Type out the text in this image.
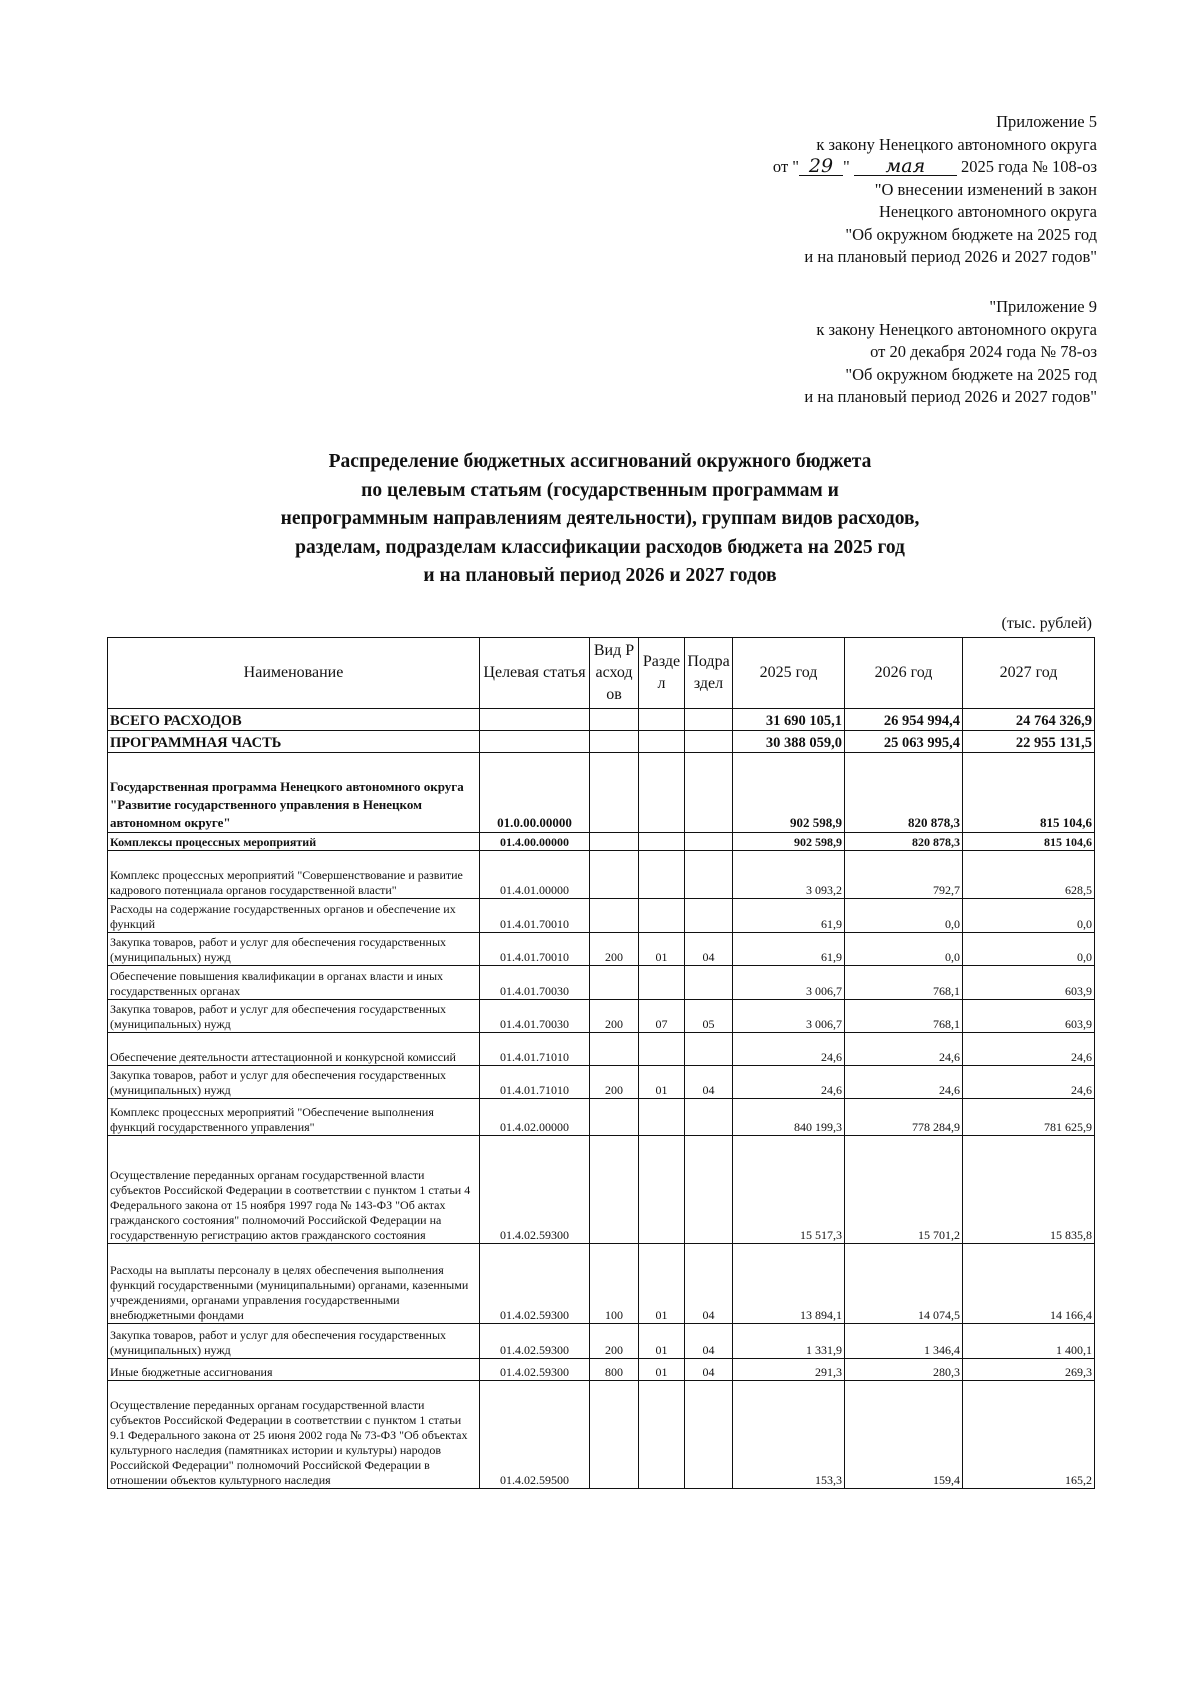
Приложение 5
к закону Ненецкого автономного округа
от " 29 " мая 2025 года № 108-оз
"О внесении изменений в закон
Ненецкого автономного округа
"Об окружном бюджете на 2025 год
и на плановый период 2026 и 2027 годов"
"Приложение 9
к закону Ненецкого автономного округа
от 20 декабря 2024 года № 78-оз
"Об окружном бюджете на 2025 год
и на плановый период 2026 и 2027 годов"
Распределение бюджетных ассигнований окружного бюджета
по целевым статьям (государственным программам и
непрограммным направлениям деятельности), группам видов расходов,
разделам, подразделам классификации расходов бюджета на 2025 год
и на плановый период 2026 и 2027 годов
(тыс. рублей)
Наименование	Целевая статья	Вид Расходов	Раздел	Подраздел	2025 год	2026 год	2027 год
ВСЕГО РАСХОДОВ					31 690 105,1	26 954 994,4	24 764 326,9
ПРОГРАММНАЯ ЧАСТЬ					30 388 059,0	25 063 995,4	22 955 131,5
Государственная программа Ненецкого автономного округа "Развитие государственного управления в Ненецком автономном округе"	01.0.00.00000				902 598,9	820 878,3	815 104,6
Комплексы процессных мероприятий	01.4.00.00000				902 598,9	820 878,3	815 104,6
Комплекс процессных мероприятий "Совершенствование и развитие кадрового потенциала органов государственной власти"	01.4.01.00000				3 093,2	792,7	628,5
Расходы на содержание государственных органов и обеспечение их функций	01.4.01.70010				61,9	0,0	0,0
Закупка товаров, работ и услуг для обеспечения государственных (муниципальных) нужд	01.4.01.70010	200	01	04	61,9	0,0	0,0
Обеспечение повышения квалификации в органах власти и иных государственных органах	01.4.01.70030				3 006,7	768,1	603,9
Закупка товаров, работ и услуг для обеспечения государственных (муниципальных) нужд	01.4.01.70030	200	07	05	3 006,7	768,1	603,9
Обеспечение деятельности аттестационной и конкурсной комиссий	01.4.01.71010				24,6	24,6	24,6
Закупка товаров, работ и услуг для обеспечения государственных (муниципальных) нужд	01.4.01.71010	200	01	04	24,6	24,6	24,6
Комплекс процессных мероприятий "Обеспечение выполнения функций государственного управления"	01.4.02.00000				840 199,3	778 284,9	781 625,9
Осуществление переданных органам государственной власти субъектов Российской Федерации в соответствии с пунктом 1 статьи 4 Федерального закона от 15 ноября 1997 года № 143-ФЗ "Об актах гражданского состояния" полномочий Российской Федерации на государственную регистрацию актов гражданского состояния	01.4.02.59300				15 517,3	15 701,2	15 835,8
Расходы на выплаты персоналу в целях обеспечения выполнения функций государственными (муниципальными) органами, казенными учреждениями, органами управления государственными внебюджетными фондами	01.4.02.59300	100	01	04	13 894,1	14 074,5	14 166,4
Закупка товаров, работ и услуг для обеспечения государственных (муниципальных) нужд	01.4.02.59300	200	01	04	1 331,9	1 346,4	1 400,1
Иные бюджетные ассигнования	01.4.02.59300	800	01	04	291,3	280,3	269,3
Осуществление переданных органам государственной власти субъектов Российской Федерации в соответствии с пунктом 1 статьи 9.1 Федерального закона от 25 июня 2002 года № 73-ФЗ "Об объектах культурного наследия (памятниках истории и культуры) народов Российской Федерации" полномочий Российской Федерации в отношении объектов культурного наследия	01.4.02.59500				153,3	159,4	165,2
